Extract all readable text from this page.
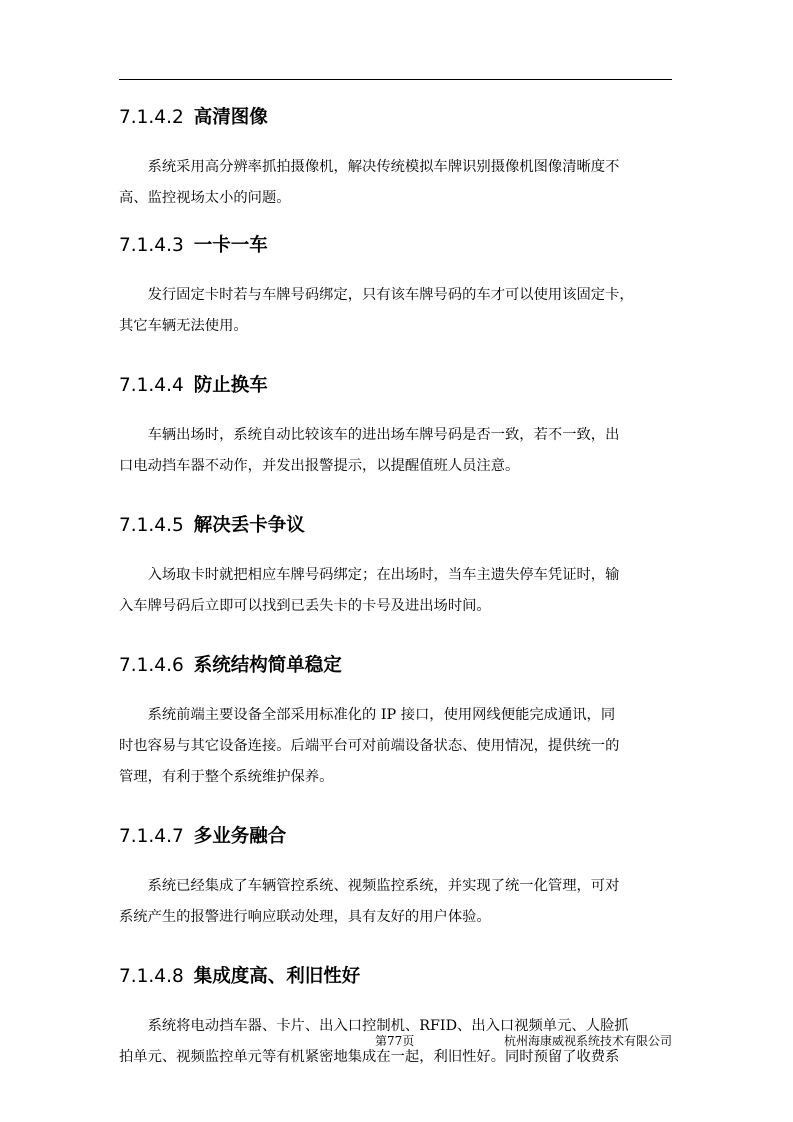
7.1.4.2 高清图像

系统采用高分辨率抓拍摄像机，解决传统模拟车牌识别摄像机图像清晰度不

高、监控视场太小的问题。

7.1.4.3 一卡一车

发行固定卡时若与车牌号码绑定，只有该车牌号码的车才可以使用该固定卡，

其它车辆无法使用。

7.1.4.4 防止换车

车辆出场时，系统自动比较该车的进出场车牌号码是否一致，若不一致，出

口电动挡车器不动作，并发出报警提示，以提醒值班人员注意。

7.1.4.5 解决丢卡争议

入场取卡时就把相应车牌号码绑定；在出场时，当车主遗失停车凭证时，输

入车牌号码后立即可以找到已丢失卡的卡号及进出场时间。

7.1.4.6 系统结构简单稳定

系统前端主要设备全部采用标准化的 IP 接口，使用网线便能完成通讯，同

时也容易与其它设备连接。后端平台可对前端设备状态、使用情况，提供统一的

管理，有利于整个系统维护保养。

7.1.4.7 多业务融合

系统已经集成了车辆管控系统、视频监控系统，并实现了统一化管理，可对

系统产生的报警进行响应联动处理，具有友好的用户体验。

7.1.4.8 集成度高、利旧性好

系统将电动挡车器、卡片、出入口控制机、RFID、出入口视频单元、人脸抓

拍单元、视频监控单元等有机紧密地集成在一起，利旧性好。同时预留了收费系

第77页	杭州海康威视系统技术有限公司
